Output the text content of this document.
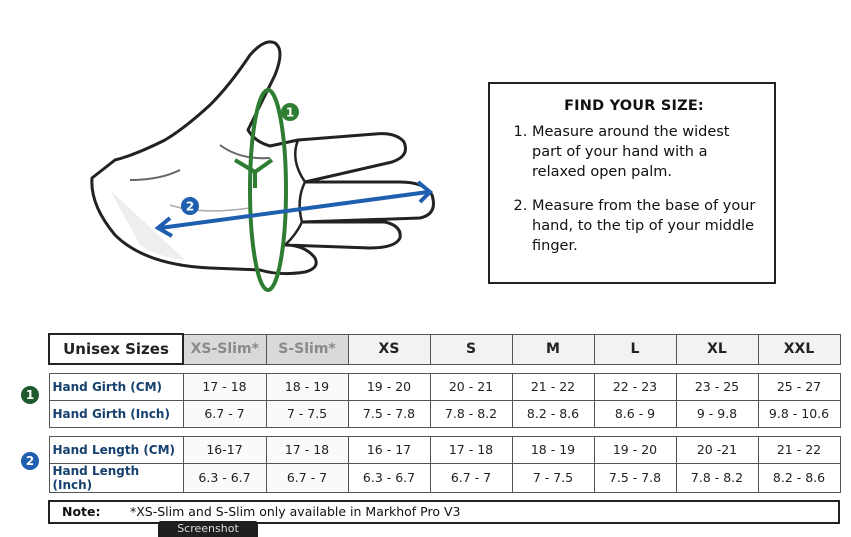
1
2
FIND YOUR SIZE:
1. Measure around the widest part of your hand with a relaxed open palm.
2. Measure from the base of your hand, to the tip of your middle finger.
1
2
Unisex Sizes	XS-Slim*	S-Slim*	XS	S	M	L	XL	XXL

Hand Girth (CM)	17 - 18	18 - 19	19 - 20	20 - 21	21 - 22	22 - 23	23 - 25	25 - 27
Hand Girth (Inch)	6.7 - 7	7 - 7.5	7.5 - 7.8	7.8 - 8.2	8.2 - 8.6	8.6 - 9	9 - 9.8	9.8 - 10.6

Hand Length (CM)	16-17	17 - 18	16 - 17	17 - 18	18 - 19	19 - 20	20 -21	21 - 22
Hand Length (Inch)	6.3 - 6.7	6.7 - 7	6.3 - 6.7	6.7 - 7	7 - 7.5	7.5 - 7.8	7.8 - 8.2	8.2 - 8.6
Note: *XS-Slim and S-Slim only available in Markhof Pro V3
Screenshot
